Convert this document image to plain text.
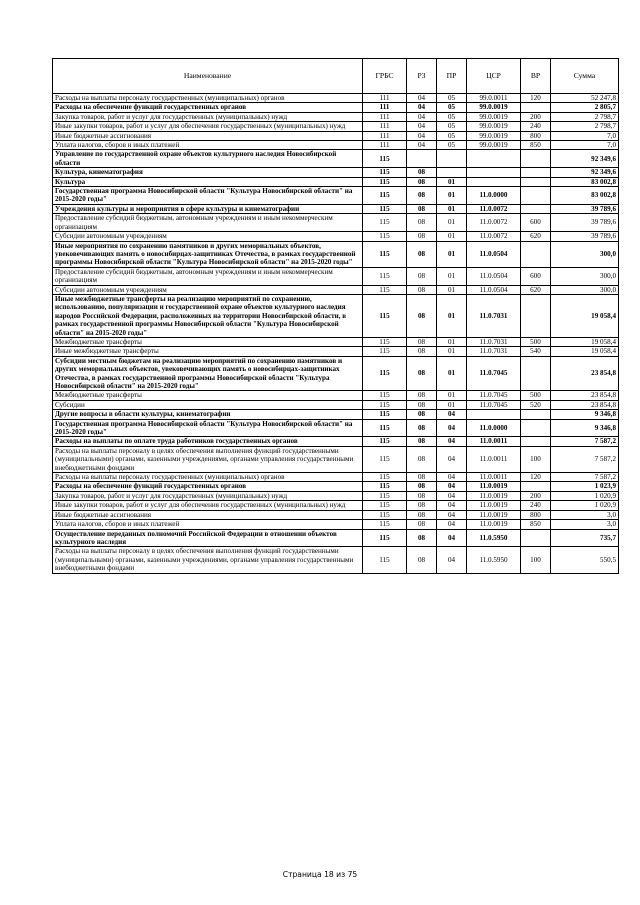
Наименование	ГРБС	РЗ	ПР	ЦСР	ВР	Сумма
Расходы на выплаты персоналу государственных (муниципальных) органов	111	04	05	99.0.0011	120	52 247,8
Расходы на обеспечение функций государственных органов	111	04	05	99.0.0019		2 805,7
Закупка товаров, работ и услуг для государственных (муниципальных) нужд	111	04	05	99.0.0019	200	2 798,7
Иные закупки товаров, работ и услуг для обеспечения государственных (муниципальных) нужд	111	04	05	99.0.0019	240	2 798,7
Иные бюджетные ассигнования	111	04	05	99.0.0019	800	7,0
Уплата налогов, сборов и иных платежей	111	04	05	99.0.0019	850	7,0
Управление по государственной охране объектов культурного наследия Новосибирской области	115					92 349,6
Культура, кинематография	115	08				92 349,6
Культура	115	08	01			83 002,8
Государственная программа Новосибирской области "Культура Новосибирской области" на 2015-2020 годы"	115	08	01	11.0.0000		83 002,8
Учреждения культуры и мероприятия в сфере культуры и кинематографии	115	08	01	11.0.0072		39 789,6
Предоставление субсидий бюджетным, автономным учреждениям и иным некоммерческим организациям	115	08	01	11.0.0072	600	39 789,6
Субсидии автономным учреждениям	115	08	01	11.0.0072	620	39 789,6
Иные мероприятия по сохранению памятников и других мемориальных объектов, увековечивающих память о новосибирцах-защитниках Отечества, в рамках государственной программы Новосибирской области "Культура Новосибирской области" на 2015-2020 годы"	115	08	01	11.0.0504		300,0
Предоставление субсидий бюджетным, автономным учреждениям и иным некоммерческим организациям	115	08	01	11.0.0504	600	300,0
Субсидии автономным учреждениям	115	08	01	11.0.0504	620	300,0
Иные межбюджетные трансферты на реализацию мероприятий по сохранению, использованию, популяризации и государственной охране объектов культурного наследия народов Российской Федерации, расположенных на территории Новосибирской области, в рамках государственной программы Новосибирской области "Культура Новосибирской области" на 2015-2020 годы"	115	08	01	11.0.7031		19 058,4
Межбюджетные трансферты	115	08	01	11.0.7031	500	19 058,4
Иные межбюджетные трансферты	115	08	01	11.0.7031	540	19 058,4
Субсидии местным бюджетам на реализацию мероприятий по сохранению памятников и других мемориальных объектов, увековечивающих память о новосибирцах-защитниках Отечества, в рамках государственной программы Новосибирской области "Культура Новосибирской области" на 2015-2020 годы"	115	08	01	11.0.7045		23 854,8
Межбюджетные трансферты	115	08	01	11.0.7045	500	23 854,8
Субсидии	115	08	01	11.0.7045	520	23 854,8
Другие вопросы в области культуры, кинематографии	115	08	04			9 346,8
Государственная программа Новосибирской области "Культура Новосибирской области" на 2015-2020 годы"	115	08	04	11.0.0000		9 346,8
Расходы на выплаты по оплате труда работников государственных органов	115	08	04	11.0.0011		7 587,2
Расходы на выплаты персоналу в целях обеспечения выполнения функций государственными (муниципальными) органами, казенными учреждениями, органами управления государственными внебюджетными фондами	115	08	04	11.0.0011	100	7 587,2
Расходы на выплаты персоналу государственных (муниципальных) органов	115	08	04	11.0.0011	120	7 587,2
Расходы на обеспечение функций государственных органов	115	08	04	11.0.0019		1 023,9
Закупка товаров, работ и услуг для государственных (муниципальных) нужд	115	08	04	11.0.0019	200	1 020,9
Иные закупки товаров, работ и услуг для обеспечения государственных (муниципальных) нужд	115	08	04	11.0.0019	240	1 020,9
Иные бюджетные ассигнования	115	08	04	11.0.0019	800	3,0
Уплата налогов, сборов и иных платежей	115	08	04	11.0.0019	850	3,0
Осуществление переданных полномочий Российской Федерации в отношении объектов культурного наследия	115	08	04	11.0.5950		735,7
Расходы на выплаты персоналу в целях обеспечения выполнения функций государственными (муниципальными) органами, казенными учреждениями, органами управления государственными внебюджетными фондами	115	08	04	11.0.5950	100	550,5
Страница 18 из 75
